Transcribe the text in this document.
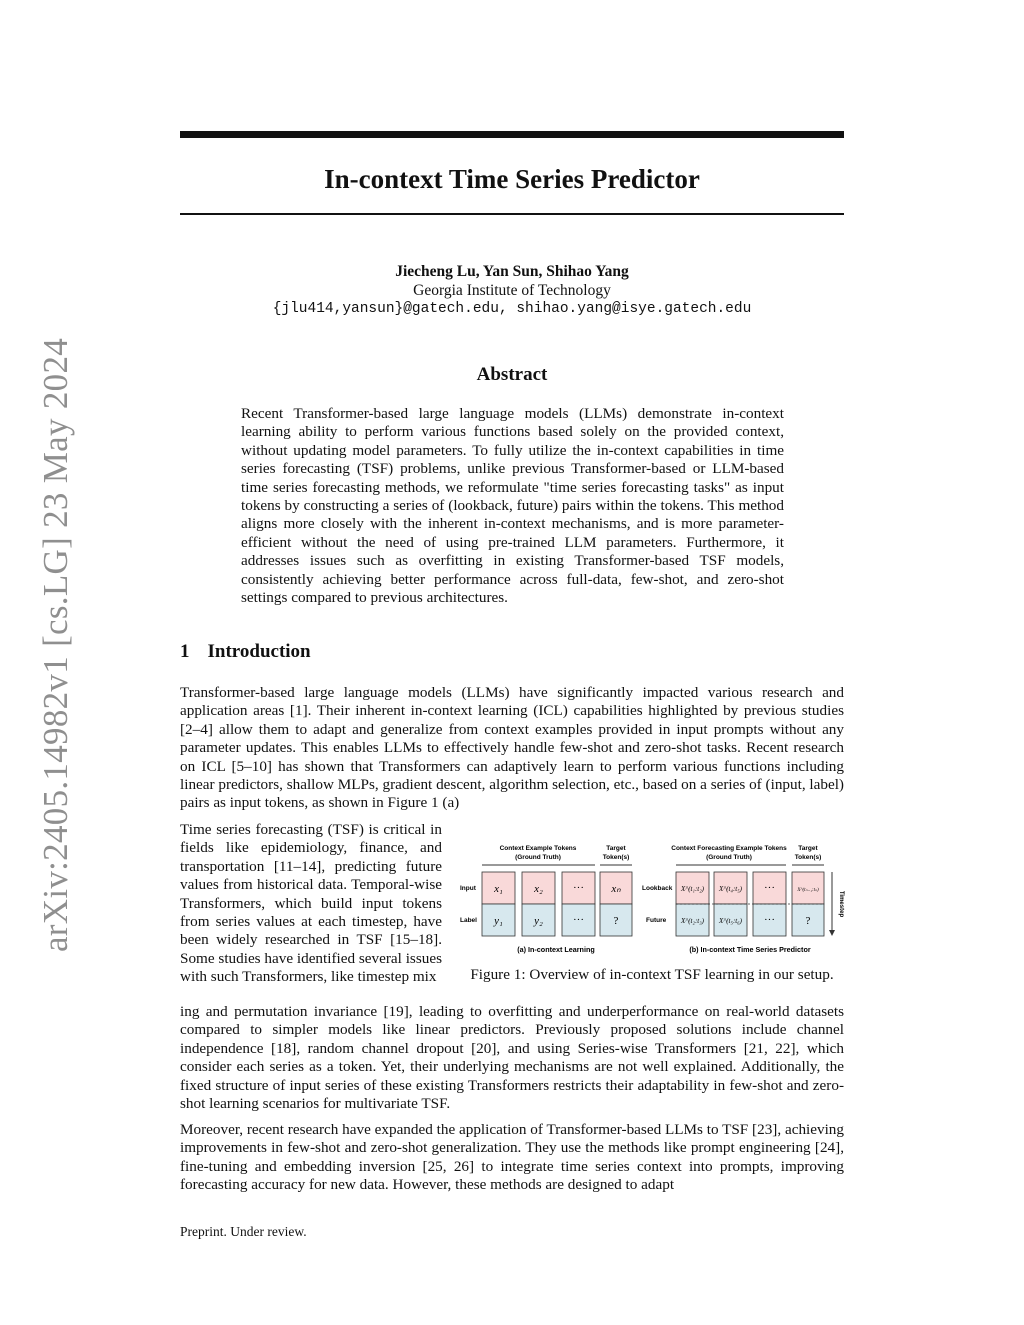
arXiv:2405.14982v1 [cs.LG] 23 May 2024
In-context Time Series Predictor
Jiecheng Lu, Yan Sun, Shihao Yang
Georgia Institute of Technology
{jlu414,yansun}@gatech.edu, shihao.yang@isye.gatech.edu
Abstract

Recent Transformer-based large language models (LLMs) demonstrate in-context learning ability to perform various functions based solely on the provided context, without updating model parameters. To fully utilize the in-context capabilities in time series forecasting (TSF) problems, unlike previous Transformer-based or LLM-based time series forecasting methods, we reformulate "time series forecasting tasks" as input tokens by constructing a series of (lookback, future) pairs within the tokens. This method aligns more closely with the inherent in-context mechanisms, and is more parameter-efficient without the need of using pre-trained LLM parameters. Furthermore, it addresses issues such as overfitting in existing Transformer-based TSF models, consistently achieving better performance across full-data, few-shot, and zero-shot settings compared to previous architectures.

1 Introduction

Transformer-based large language models (LLMs) have significantly impacted various research and application areas [1]. Their inherent in-context learning (ICL) capabilities highlighted by previous studies [2–4] allow them to adapt and generalize from context examples provided in input prompts without any parameter updates. This enables LLMs to effectively handle few-shot and zero-shot tasks. Recent research on ICL [5–10] has shown that Transformers can adaptively learn to perform various functions including linear predictors, shallow MLPs, gradient descent, algorithm selection, etc., based on a series of (input, label) pairs as input tokens, as shown in Figure 1 (a)

Time series forecasting (TSF) is critical in fields like epidemiology, finance, and transportation [11–14], predicting future values from historical data. Temporal-wise Transformers, which build input tokens from series values at each timestep, have been widely researched in TSF [15–18]. Some studies have identified several issues with such Transformers, like timestep mix

Context Example Tokens
(Ground Truth)
Target
Token(s)
Input
Label
x₁
y₁
x₂
y₂
···
···
xₙ
?
(a) In-context Learning
Context Forecasting Example Tokens
(Ground Truth)
Target
Token(s)
Lookback
Future
X^(t₁:t₂)
X^(t₂:t₃)
X^(t₄:t₅)
X^(t₅:t₆)
···
···
X^(tₙ₋₁:tₙ)
?
Timestep
(b) In-context Time Series Predictor

Figure 1: Overview of in-context TSF learning in our setup.

ing and permutation invariance [19], leading to overfitting and underperformance on real-world datasets compared to simpler models like linear predictors. Previously proposed solutions include channel independence [18], random channel dropout [20], and using Series-wise Transformers [21, 22], which consider each series as a token. Yet, their underlying mechanisms are not well explained. Additionally, the fixed structure of input series of these existing Transformers restricts their adaptability in few-shot and zero-shot learning scenarios for multivariate TSF.

Moreover, recent research have expanded the application of Transformer-based LLMs to TSF [23], achieving improvements in few-shot and zero-shot generalization. They use the methods like prompt engineering [24], fine-tuning and embedding inversion [25, 26] to integrate time series context into prompts, improving forecasting accuracy for new data. However, these methods are designed to adapt

Preprint. Under review.
